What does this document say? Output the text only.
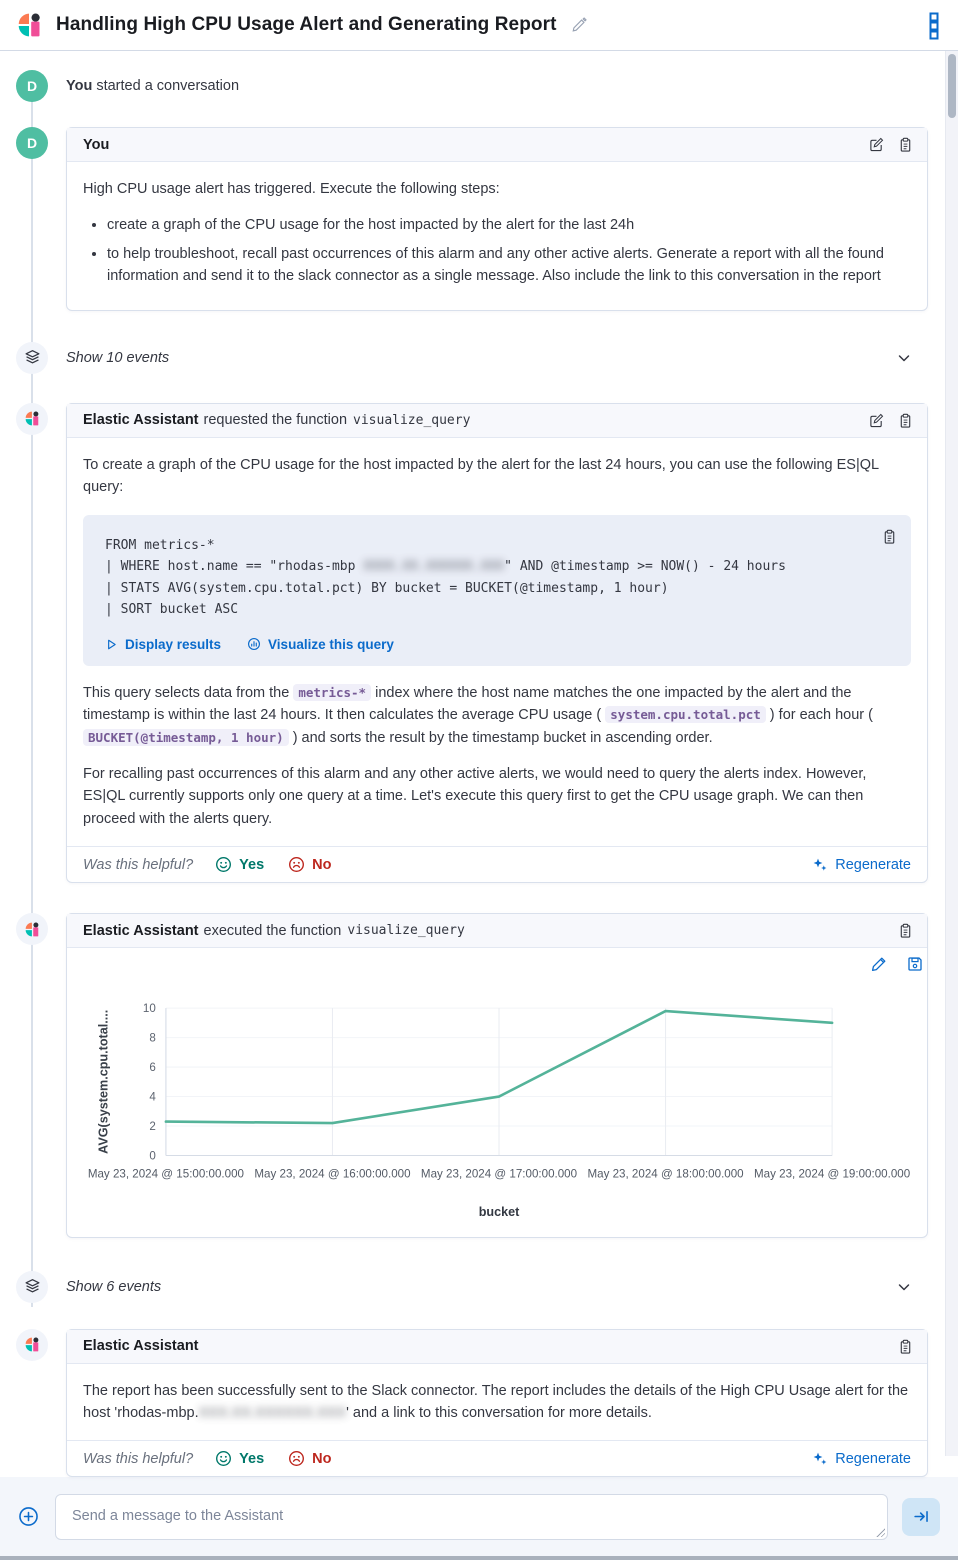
Handling High CPU Usage Alert and Generating Report
D You started a conversation
D	You

High CPU usage alert has triggered. Execute the following steps:

• create a graph of the CPU usage for the host impacted by the alert for the last 24h
• to help troubleshoot, recall past occurrences of this alarm and any other active alerts. Generate a report with all the found information and send it to the slack connector as a single message. Also include the link to this conversation in the report
Show 10 events
Elastic Assistant requested the function visualize_query

To create a graph of the CPU usage for the host impacted by the alert for the last 24 hours, you can use the following ES|QL query:

FROM metrics-*
| WHERE host.name == "rhodas-mbp XXXX.XX.XXXXXX.XXX" AND @timestamp >= NOW() - 24 hours
| STATS AVG(system.cpu.total.pct) BY bucket = BUCKET(@timestamp, 1 hour)
| SORT bucket ASC
Display results	Visualize this query

This query selects data from the metrics-* index where the host name matches the one impacted by the alert and the timestamp is within the last 24 hours. It then calculates the average CPU usage ( system.cpu.total.pct ) for each hour ( BUCKET(@timestamp, 1 hour) ) and sorts the result by the timestamp bucket in ascending order.

For recalling past occurrences of this alarm and any other active alerts, we would need to query the alerts index. However, ES|QL currently supports only one query at a time. Let's execute this query first to get the CPU usage graph. We can then proceed with the alerts query.

Was this helpful?	Yes	No	Regenerate
Elastic Assistant executed the function visualize_query
0
2
4
6
8
10
May 23, 2024 @ 15:00:00.000 May 23, 2024 @ 16:00:00.000 May 23, 2024 @ 17:00:00.000 May 23, 2024 @ 18:00:00.000 May 23, 2024 @ 19:00:00.000
AVG(system.cpu.total....
bucket
Show 6 events
Elastic Assistant

The report has been successfully sent to the Slack connector. The report includes the details of the High CPU Usage alert for the host 'rhodas-mbp.XXX.XX.XXXXXX.XXX' and a link to this conversation for more details.

Was this helpful?	Yes	No	Regenerate
Send a message to the Assistant
